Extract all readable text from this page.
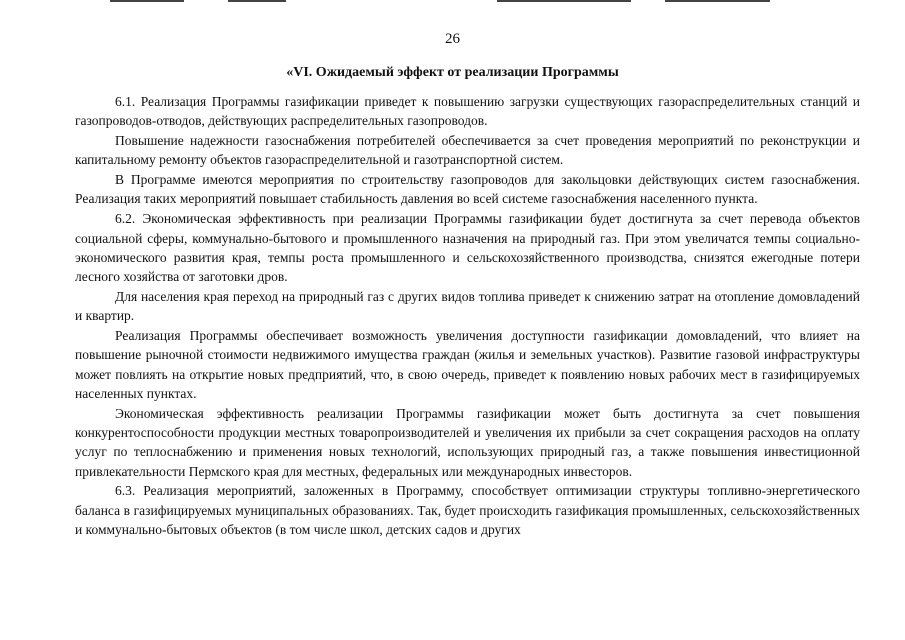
26
«VI. Ожидаемый эффект от реализации Программы

6.1. Реализация Программы газификации приведет к повышению загрузки существующих газораспределительных станций и газопроводов-отводов, действующих распределительных газопроводов.

Повышение надежности газоснабжения потребителей обеспечивается за счет проведения мероприятий по реконструкции и капитальному ремонту объектов газораспределительной и газотранспортной систем.

В Программе имеются мероприятия по строительству газопроводов для закольцовки действующих систем газоснабжения. Реализация таких мероприятий повышает стабильность давления во всей системе газоснабжения населенного пункта.

6.2. Экономическая эффективность при реализации Программы газификации будет достигнута за счет перевода объектов социальной сферы, коммунально-бытового и промышленного назначения на природный газ. При этом увеличатся темпы социально-экономического развития края, темпы роста промышленного и сельскохозяйственного производства, снизятся ежегодные потери лесного хозяйства от заготовки дров.

Для населения края переход на природный газ с других видов топлива приведет к снижению затрат на отопление домовладений и квартир.

Реализация Программы обеспечивает возможность увеличения доступности газификации домовладений, что влияет на повышение рыночной стоимости недвижимого имущества граждан (жилья и земельных участков). Развитие газовой инфраструктуры может повлиять на открытие новых предприятий, что, в свою очередь, приведет к появлению новых рабочих мест в газифицируемых населенных пунктах.

Экономическая эффективность реализации Программы газификации может быть достигнута за счет повышения конкурентоспособности продукции местных товаропроизводителей и увеличения их прибыли за счет сокращения расходов на оплату услуг по теплоснабжению и применения новых технологий, использующих природный газ, а также повышения инвестиционной привлекательности Пермского края для местных, федеральных или международных инвесторов.

6.3. Реализация мероприятий, заложенных в Программу, способствует оптимизации структуры топливно-энергетического баланса в газифицируемых муниципальных образованиях. Так, будет происходить газификация промышленных, сельскохозяйственных и коммунально-бытовых объектов (в том числе школ, детских садов и других
